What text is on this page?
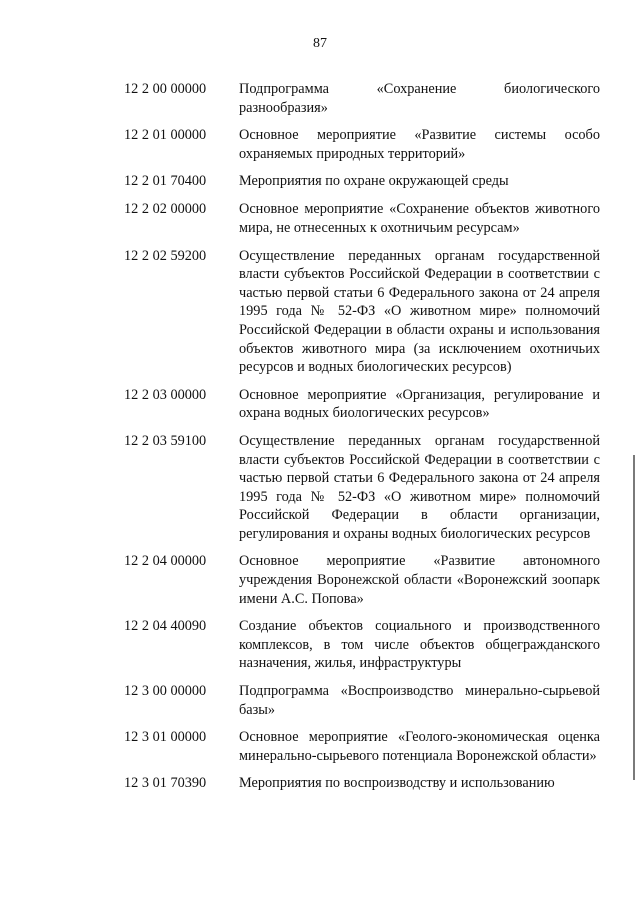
87
12 2 00 00000	Подпрограмма «Сохранение биологического разнообразия»
12 2 01 00000	Основное мероприятие «Развитие системы особо охраняемых природных территорий»
12 2 01 70400	Мероприятия по охране окружающей среды
12 2 02 00000	Основное мероприятие «Сохранение объектов животного мира, не отнесенных к охотничьим ресурсам»
12 2 02 59200	Осуществление переданных органам государственной власти субъектов Российской Федерации в соответствии с частью первой статьи 6 Федерального закона от 24 апреля 1995 года № 52-ФЗ «О животном мире» полномочий Российской Федерации в области охраны и использования объектов животного мира (за исключением охотничьих ресурсов и водных биологических ресурсов)
12 2 03 00000	Основное мероприятие «Организация, регулирование и охрана водных биологических ресурсов»
12 2 03 59100	Осуществление переданных органам государственной власти субъектов Российской Федерации в соответствии с частью первой статьи 6 Федерального закона от 24 апреля 1995 года № 52-ФЗ «О животном мире» полномочий Российской Федерации в области организации, регулирования и охраны водных биологических ресурсов
12 2 04 00000	Основное мероприятие «Развитие автономного учреждения Воронежской области «Воронежский зоопарк имени А.С. Попова»
12 2 04 40090	Создание объектов социального и производственного комплексов, в том числе объектов общегражданского назначения, жилья, инфраструктуры
12 3 00 00000	Подпрограмма «Воспроизводство минерально-сырьевой базы»
12 3 01 00000	Основное мероприятие «Геолого-экономическая оценка минерально-сырьевого потенциала Воронежской области»
12 3 01 70390	Мероприятия по воспроизводству и использованию
